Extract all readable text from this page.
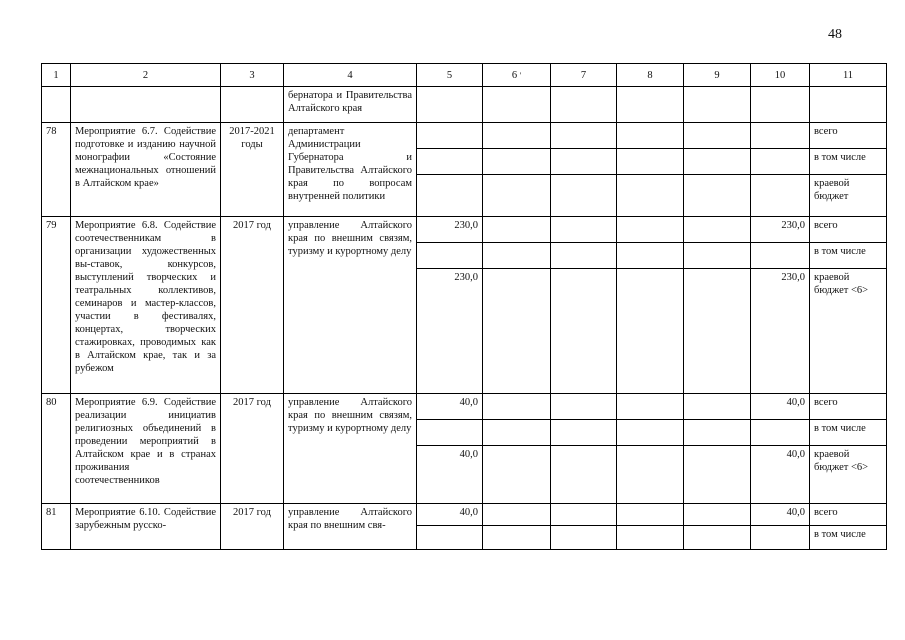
48
1	2	3	4	5	6 '	7	8	9	10	11
			бернатора и Правительства Алтайского края							
78	Мероприятие 6.7. Содействие подготовке и изданию научной монографии «Состояние межнациональных отношений в Алтайском крае»	2017-2021 годы	департамент Администрации Губернатора и Правительства Алтайского края по вопросам внутренней политики							всего
										в том числе
										краевой бюджет
79	Мероприятие 6.8. Содействие соотечественникам в организации художественных вы-ставок, конкурсов, выступлений творческих и театральных коллективов, семинаров и мастер-классов, участии в фестивалях, концертах, творческих стажировках, проводимых как в Алтайском крае, так и за рубежом	2017 год	управление Алтайского края по внешним связям, туризму и курортному делу	230,0					230,0	всего
										в том числе
				230,0					230,0	краевой бюджет <6>
80	Мероприятие 6.9. Содействие реализации инициатив религиозных объединений в проведении мероприятий в Алтайском крае и в странах проживания соотечественников	2017 год	управление Алтайского края по внешним связям, туризму и курортному делу	40,0					40,0	всего
										в том числе
				40,0					40,0	краевой бюджет <6>
81	Мероприятие 6.10. Содействие зарубежным русско-	2017 год	управление Алтайского края по внешним свя-	40,0					40,0	всего
										в том числе
